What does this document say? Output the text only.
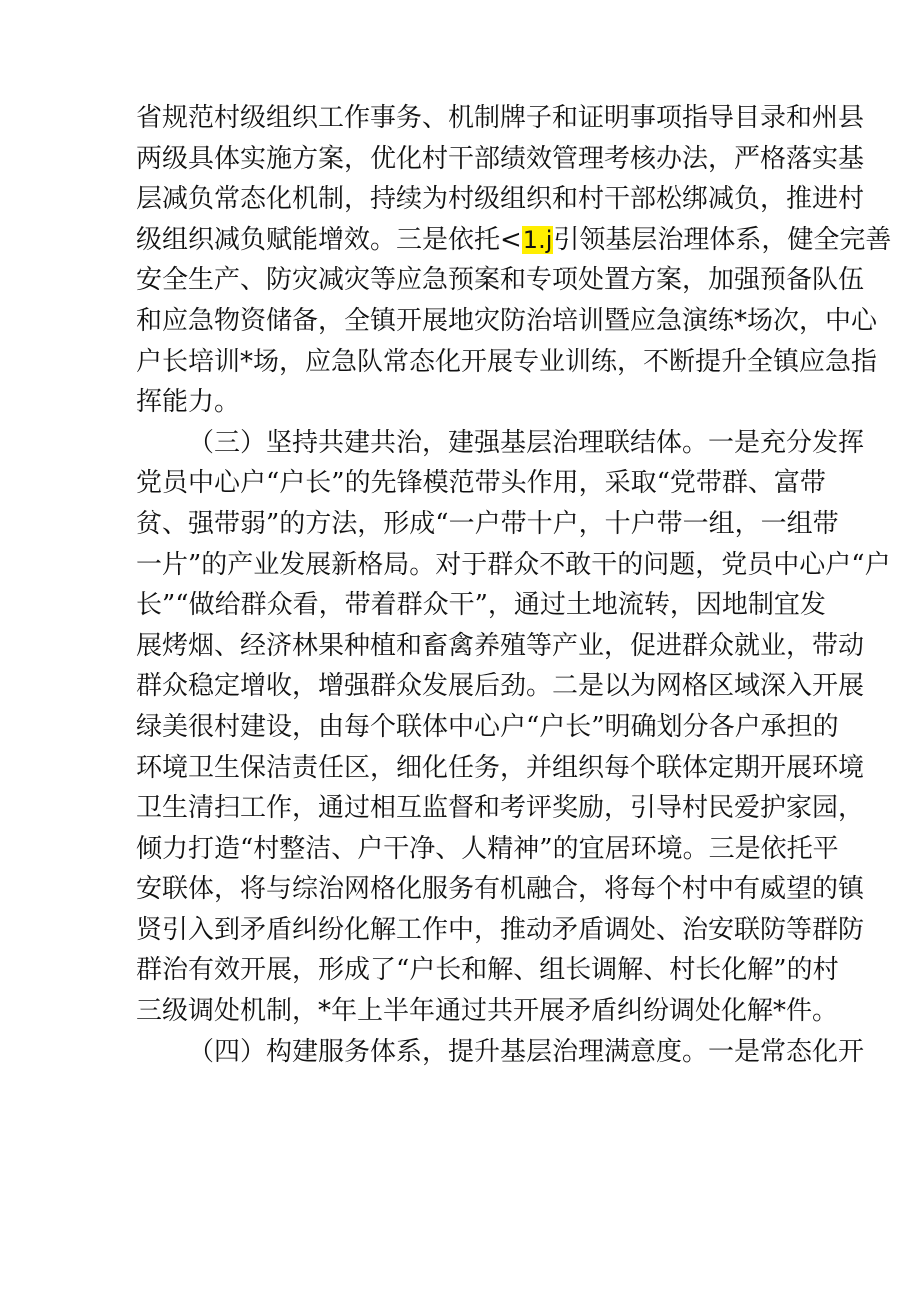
省规范村级组织工作事务、机制牌子和证明事项指导目录和州县
两级具体实施方案，优化村干部绩效管理考核办法，严格落实基
层减负常态化机制，持续为村级组织和村干部松绑减负，推进村
级组织减负赋能增效。三是依托<1.j引领基层治理体系，健全完善
安全生产、防灾减灾等应急预案和专项处置方案，加强预备队伍
和应急物资储备，全镇开展地灾防治培训暨应急演练*场次，中心
户长培训*场，应急队常态化开展专业训练，不断提升全镇应急指
挥能力。
（三）坚持共建共治，建强基层治理联结体。一是充分发挥
党员中心户“户长”的先锋模范带头作用，采取“党带群、富带
贫、强带弱”的方法，形成“一户带十户，十户带一组，一组带
一片”的产业发展新格局。对于群众不敢干的问题，党员中心户“户
长”“做给群众看，带着群众干”，通过土地流转，因地制宜发
展烤烟、经济林果种植和畜禽养殖等产业，促进群众就业，带动
群众稳定增收，增强群众发展后劲。二是以为网格区域深入开展
绿美很村建设，由每个联体中心户“户长”明确划分各户承担的
环境卫生保洁责任区，细化任务，并组织每个联体定期开展环境
卫生清扫工作，通过相互监督和考评奖励，引导村民爱护家园，
倾力打造“村整洁、户干净、人精神”的宜居环境。三是依托平
安联体，将与综治网格化服务有机融合，将每个村中有威望的镇
贤引入到矛盾纠纷化解工作中，推动矛盾调处、治安联防等群防
群治有效开展，形成了“户长和解、组长调解、村长化解”的村
三级调处机制，*年上半年通过共开展矛盾纠纷调处化解*件。
（四）构建服务体系，提升基层治理满意度。一是常态化开
